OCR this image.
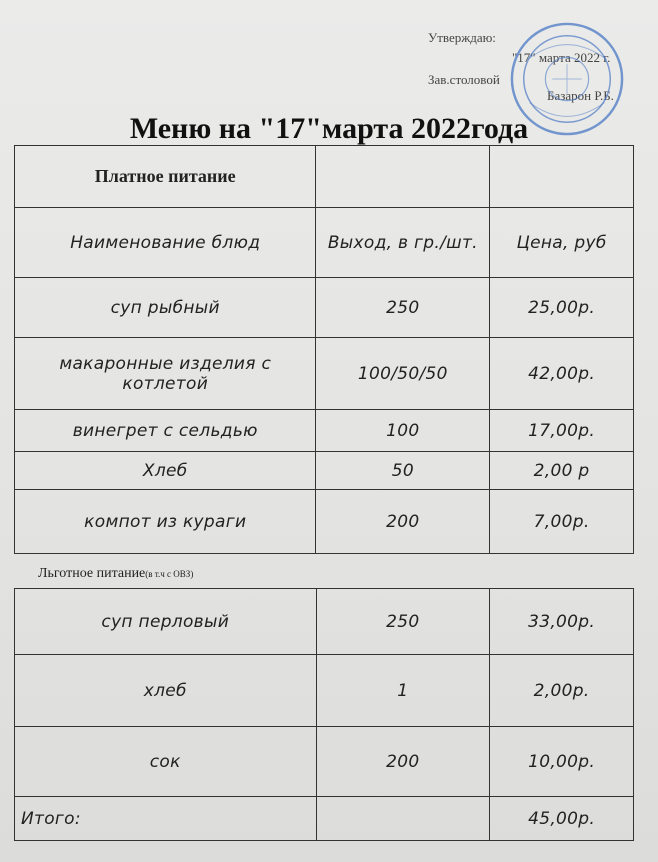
Утверждаю:
"17" марта 2022 г.
Зав.столовой
Базарон Р.Б.
Меню на "17"марта 2022года
Платное питание		
Наименование блюд	Выход, в гр./шт.	Цена, руб
суп рыбный	250	25,00р.
макаронные изделия с котлетой	100/50/50	42,00р.
винегрет с сельдью	100	17,00р.
Хлеб	50	2,00 р
компот из кураги	200	7,00р.
Льготное питание(в т.ч с ОВЗ)
суп перловый	250	33,00р.
хлеб	1	2,00р.
сок	200	10,00р.
Итого:		45,00р.
